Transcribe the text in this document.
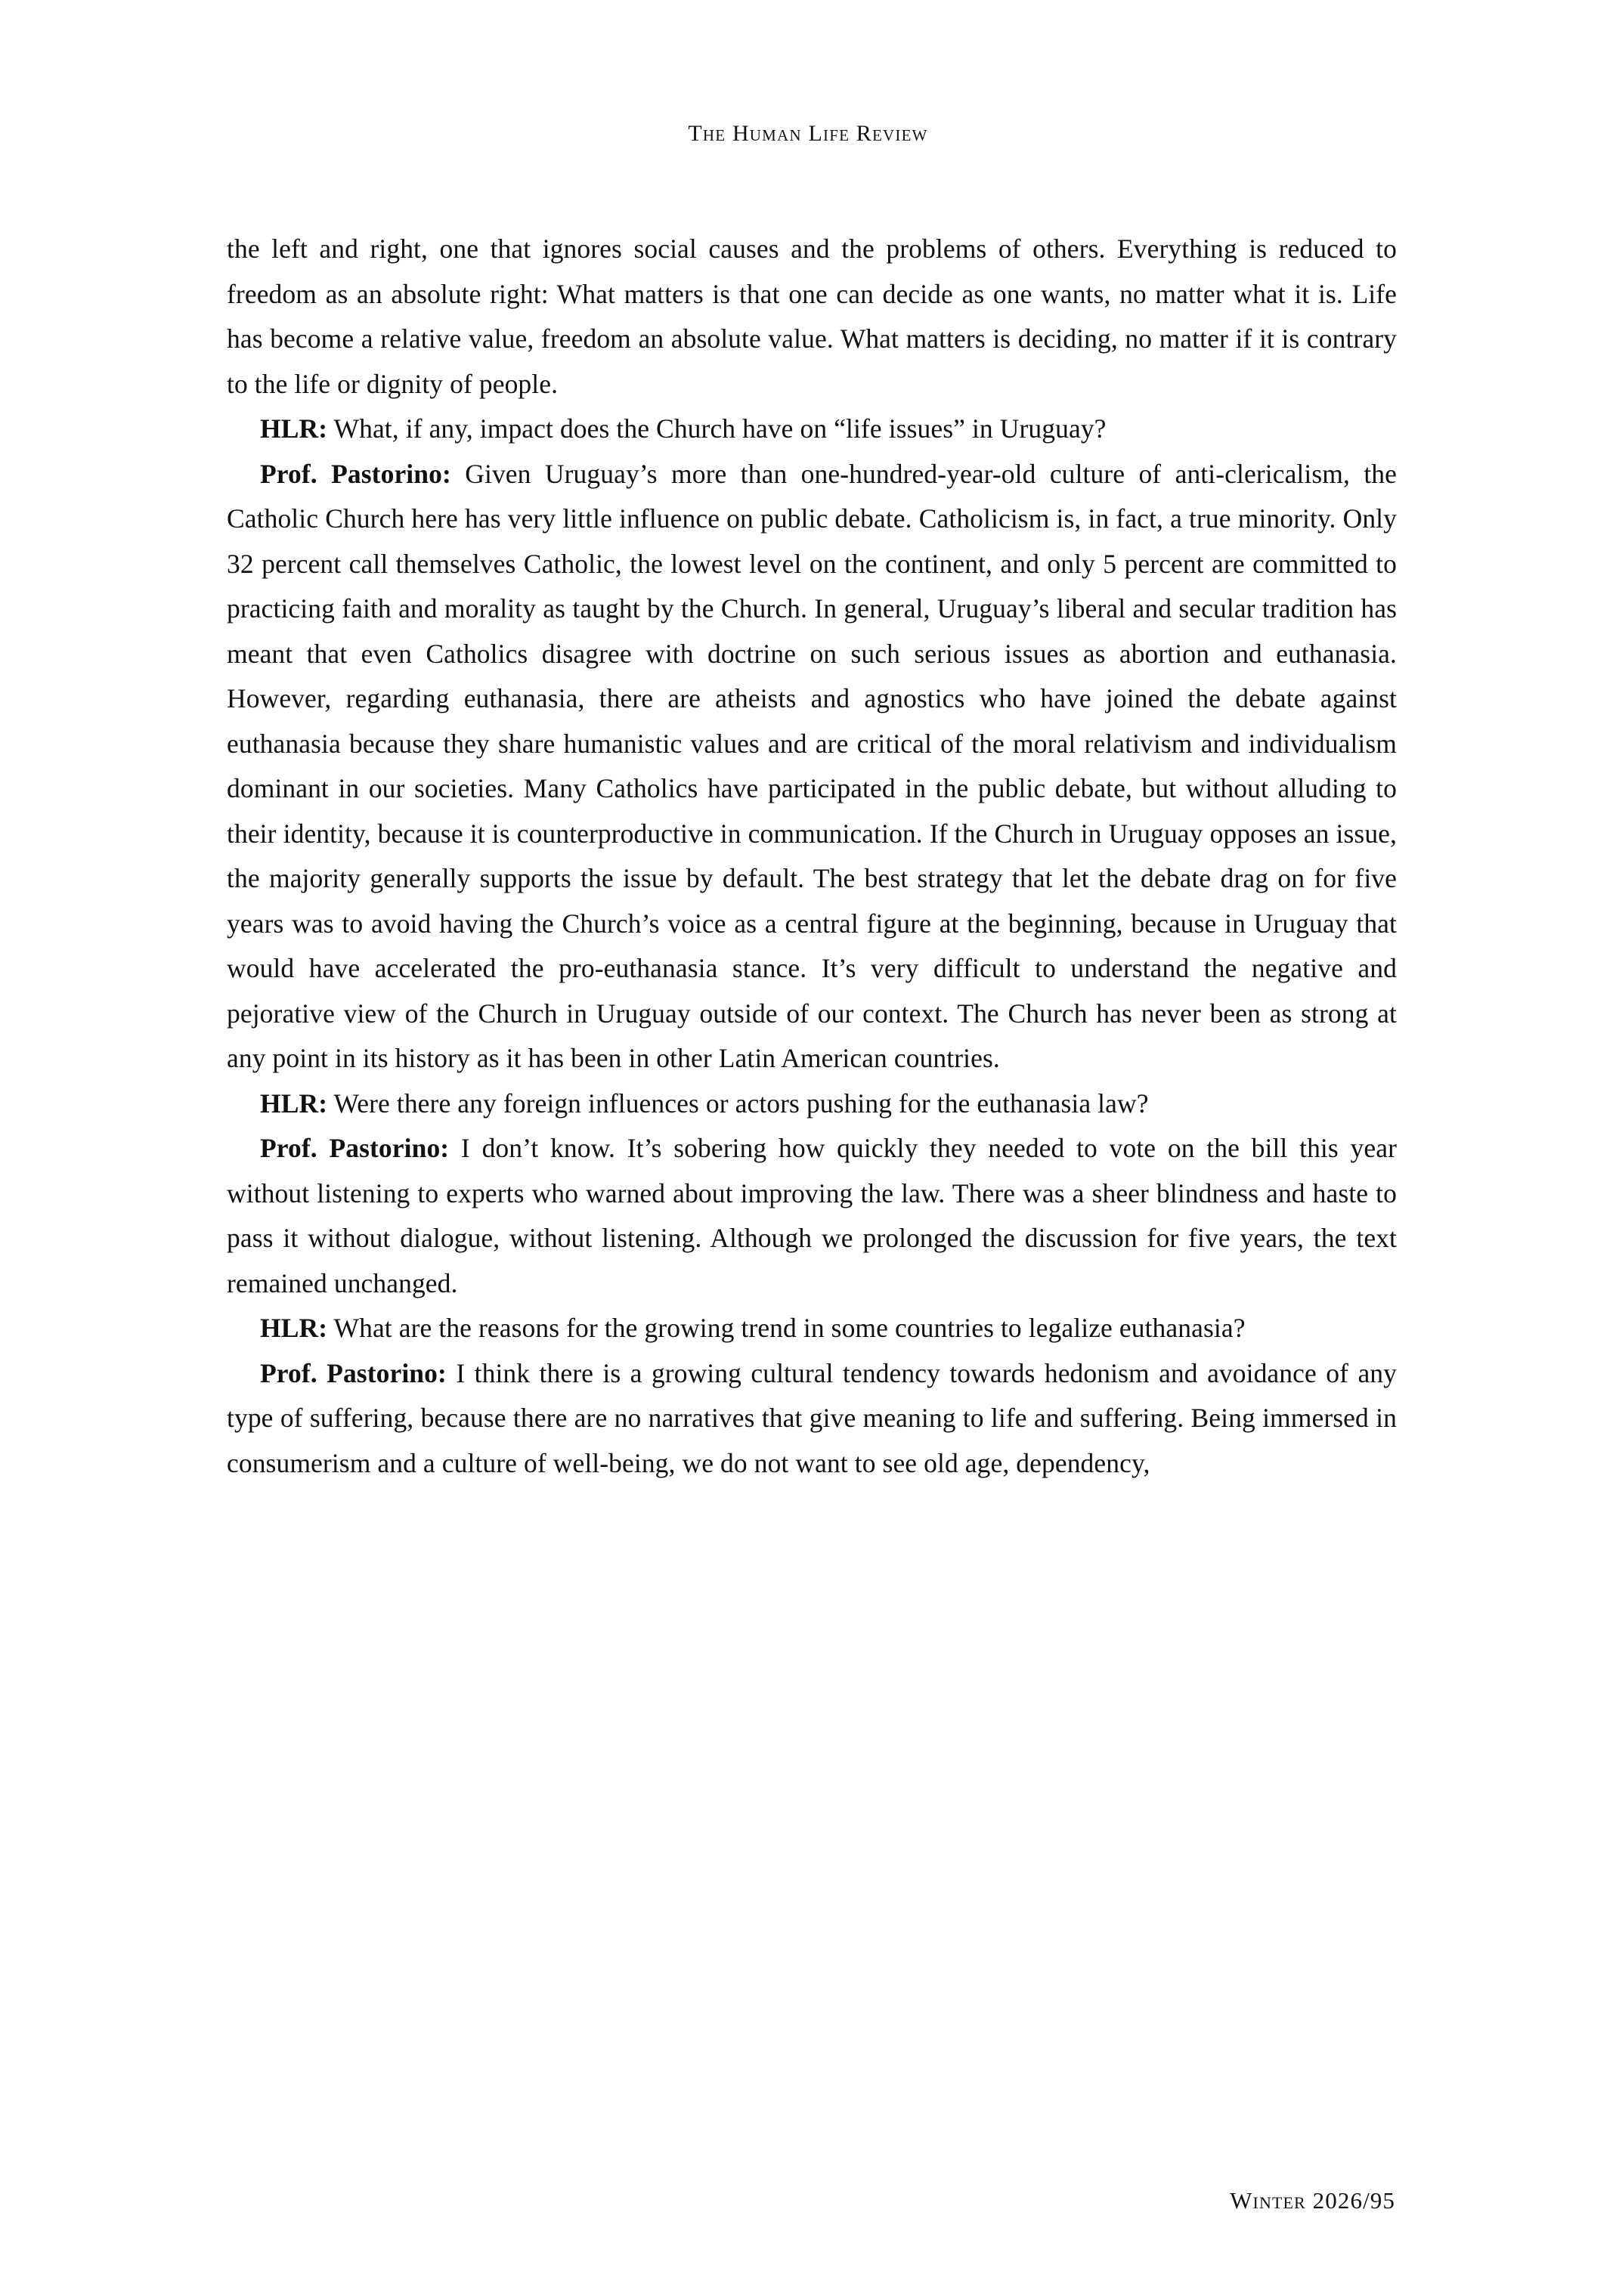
The Human Life Review

the left and right, one that ignores social causes and the problems of others. Everything is reduced to freedom as an absolute right: What matters is that one can decide as one wants, no matter what it is. Life has become a relative value, freedom an absolute value. What matters is deciding, no matter if it is contrary to the life or dignity of people.

HLR: What, if any, impact does the Church have on “life issues” in Uruguay?

Prof. Pastorino: Given Uruguay’s more than one-hundred-year-old culture of anti-clericalism, the Catholic Church here has very little influence on public debate. Catholicism is, in fact, a true minority. Only 32 percent call themselves Catholic, the lowest level on the continent, and only 5 percent are committed to practicing faith and morality as taught by the Church. In general, Uruguay’s liberal and secular tradition has meant that even Catholics disagree with doctrine on such serious issues as abortion and euthanasia. However, regarding euthanasia, there are atheists and agnostics who have joined the debate against euthanasia because they share humanistic values and are critical of the moral relativism and individualism dominant in our societies. Many Catholics have participated in the public debate, but without alluding to their identity, because it is counterproductive in communication. If the Church in Uruguay opposes an issue, the majority generally supports the issue by default. The best strategy that let the debate drag on for five years was to avoid having the Church’s voice as a central figure at the beginning, because in Uruguay that would have accelerated the pro-euthanasia stance. It’s very difficult to understand the negative and pejorative view of the Church in Uruguay outside of our context. The Church has never been as strong at any point in its history as it has been in other Latin American countries.

HLR: Were there any foreign influences or actors pushing for the euthanasia law?

Prof. Pastorino: I don’t know. It’s sobering how quickly they needed to vote on the bill this year without listening to experts who warned about improving the law. There was a sheer blindness and haste to pass it without dialogue, without listening. Although we prolonged the discussion for five years, the text remained unchanged.

HLR: What are the reasons for the growing trend in some countries to legalize euthanasia?

Prof. Pastorino: I think there is a growing cultural tendency towards hedonism and avoidance of any type of suffering, because there are no narratives that give meaning to life and suffering. Being immersed in consumerism and a culture of well-being, we do not want to see old age, dependency,

Winter 2026/95
